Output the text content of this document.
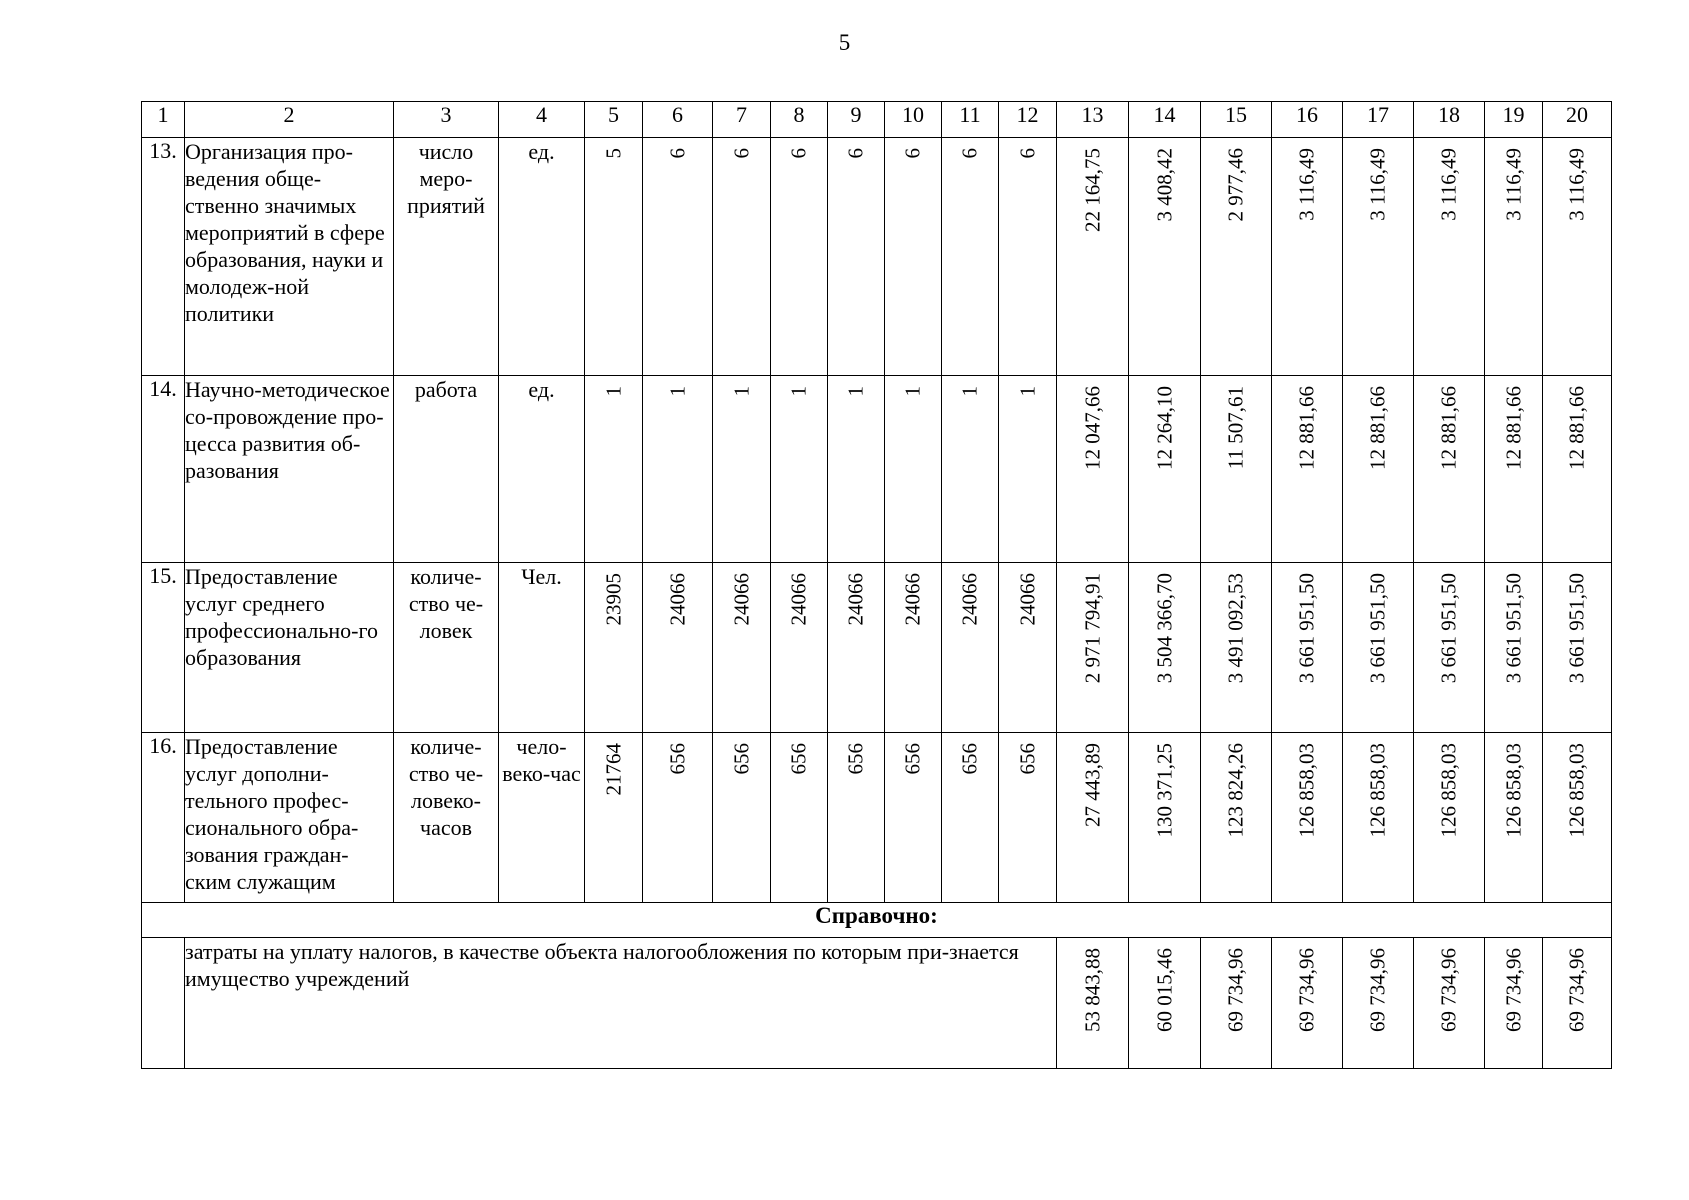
5
1	2	3	4	5	6	7	8	9	10	11	12	13	14	15	16	17	18	19	20
13.	Организация про-ведения обще-ственно значимых мероприятий в сфере образования, науки и молодеж-ной политики	число меро-приятий	ед.	5	6	6	6	6	6	6	6	22 164,75	3 408,42	2 977,46	3 116,49	3 116,49	3 116,49	3 116,49	3 116,49

14.	Научно-методическое со-провождение про-цесса развития об-разования	работа	ед.	1	1	1	1	1	1	1	1	12 047,66	12 264,10	11 507,61	12 881,66	12 881,66	12 881,66	12 881,66	12 881,66

15.	Предоставление услуг среднего профессионально-го образования	количе-ство че-ловек	Чел.	23905	24066	24066	24066	24066	24066	24066	24066	2 971 794,91	3 504 366,70	3 491 092,53	3 661 951,50	3 661 951,50	3 661 951,50	3 661 951,50	3 661 951,50

16.	Предоставление услуг дополни-тельного профес-сионального обра-зования граждан-ским служащим	количе-ство че-ловеко-часов	чело-веко-час	21764	656	656	656	656	656	656	656	27 443,89	130 371,25	123 824,26	126 858,03	126 858,03	126 858,03	126 858,03	126 858,03

Справочно:																			
	затраты на уплату налогов, в качестве объекта налогообложения по которым при-знается имущество учреждений											53 843,88	60 015,46	69 734,96	69 734,96	69 734,96	69 734,96	69 734,96	69 734,96
